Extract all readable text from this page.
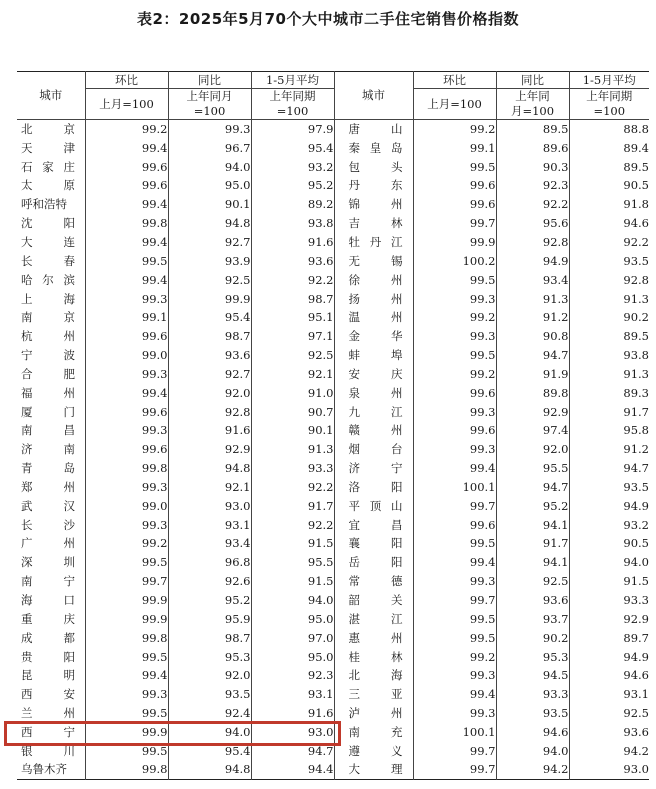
表2：2025年5月70个大中城市二手住宅销售价格指数
城市	环比	同比	1-5月平均	城市	环比	同比	1-5月平均
	上月=100	上年同月=100	上年同期=100		上月=100	上年同月=100	上年同期=100

北 京	99.2	99.3	97.9	唐 山	99.2	89.5	88.8

天 津	99.4	96.7	95.4	秦 皇 岛	99.1	89.6	89.4

石 家 庄	99.6	94.0	93.2	包 头	99.5	90.3	89.5

太 原	99.6	95.0	95.2	丹 东	99.6	92.3	90.5

呼和浩特	99.4	90.1	89.2	锦 州	99.6	92.2	91.8

沈 阳	99.8	94.8	93.8	吉 林	99.7	95.6	94.6

大 连	99.4	92.7	91.6	牡 丹 江	99.9	92.8	92.2

长 春	99.5	93.9	93.6	无 锡	100.2	94.9	93.5

哈 尔 滨	99.4	92.5	92.2	徐 州	99.5	93.4	92.8

上 海	99.3	99.9	98.7	扬 州	99.3	91.3	91.3

南 京	99.1	95.4	95.1	温 州	99.2	91.2	90.2

杭 州	99.6	98.7	97.1	金 华	99.3	90.8	89.5

宁 波	99.0	93.6	92.5	蚌 埠	99.5	94.7	93.8

合 肥	99.3	92.7	92.1	安 庆	99.2	91.9	91.3

福 州	99.4	92.0	91.0	泉 州	99.6	89.8	89.3

厦 门	99.6	92.8	90.7	九 江	99.3	92.9	91.7

南 昌	99.3	91.6	90.1	赣 州	99.6	97.4	95.8

济 南	99.6	92.9	91.3	烟 台	99.3	92.0	91.2

青 岛	99.8	94.8	93.3	济 宁	99.4	95.5	94.7

郑 州	99.3	92.1	92.2	洛 阳	100.1	94.7	93.5

武 汉	99.0	93.0	91.7	平 顶 山	99.7	95.2	94.9

长 沙	99.3	93.1	92.2	宜 昌	99.6	94.1	93.2

广 州	99.2	93.4	91.5	襄 阳	99.5	91.7	90.5

深 圳	99.5	96.8	95.5	岳 阳	99.4	94.1	94.0

南 宁	99.7	92.6	91.5	常 德	99.3	92.5	91.5

海 口	99.9	95.2	94.0	韶 关	99.7	93.6	93.3

重 庆	99.9	95.9	95.0	湛 江	99.5	93.7	92.9

成 都	99.8	98.7	97.0	惠 州	99.5	90.2	89.7

贵 阳	99.5	95.3	95.0	桂 林	99.2	95.3	94.9

昆 明	99.4	92.0	92.3	北 海	99.3	94.5	94.6

西 安	99.3	93.5	93.1	三 亚	99.4	93.3	93.1

兰 州	99.5	92.4	91.6	泸 州	99.3	93.5	92.5

西 宁	99.9	94.0	93.0	南 充	100.1	94.6	93.6

银 川	99.5	95.4	94.7	遵 义	99.7	94.0	94.2

乌鲁木齐	99.8	94.8	94.4	大 理	99.7	94.2	93.0
